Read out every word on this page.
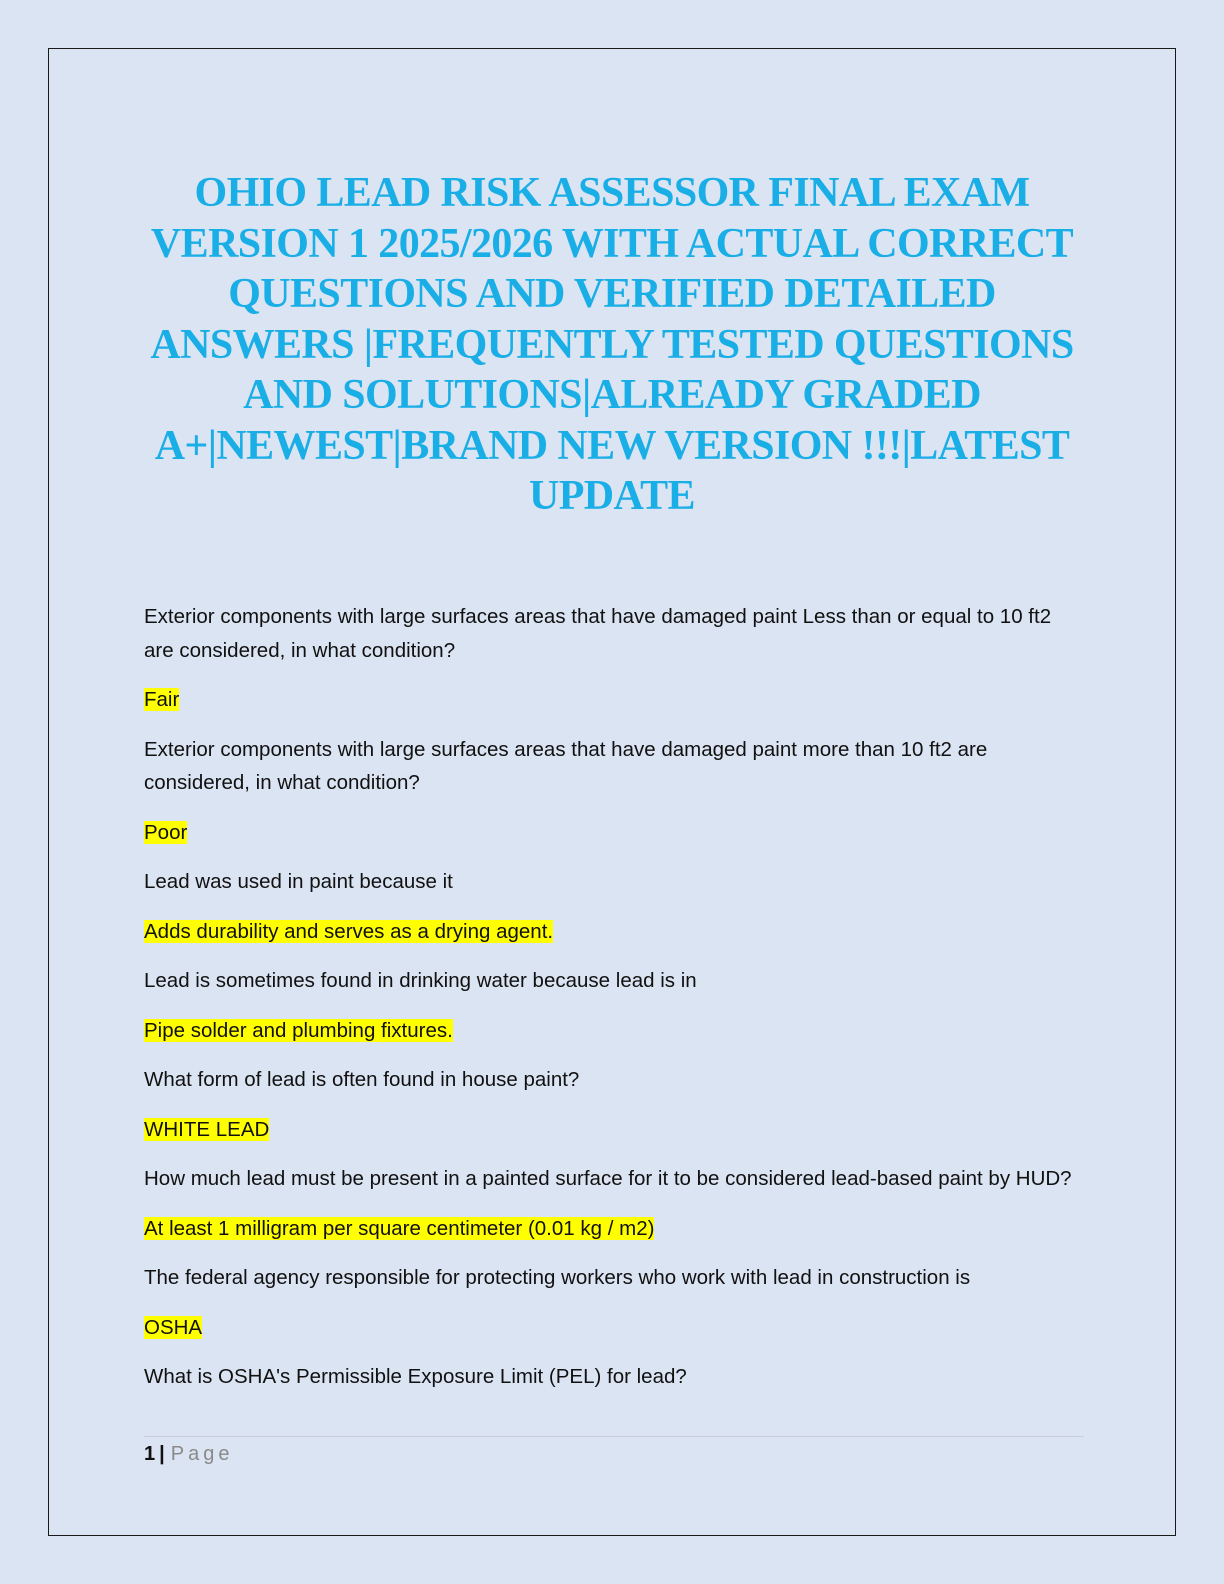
OHIO LEAD RISK ASSESSOR FINAL EXAM VERSION 1 2025/2026 WITH ACTUAL CORRECT QUESTIONS AND VERIFIED DETAILED ANSWERS |FREQUENTLY TESTED QUESTIONS AND SOLUTIONS|ALREADY GRADED A+|NEWEST|BRAND NEW VERSION !!!|LATEST UPDATE

Exterior components with large surfaces areas that have damaged paint Less than or equal to 10 ft2 are considered, in what condition?

Fair

Exterior components with large surfaces areas that have damaged paint more than 10 ft2 are considered, in what condition?

Poor

Lead was used in paint because it

Adds durability and serves as a drying agent.

Lead is sometimes found in drinking water because lead is in

Pipe solder and plumbing fixtures.

What form of lead is often found in house paint?

WHITE LEAD

How much lead must be present in a painted surface for it to be considered lead-based paint by HUD?

At least 1 milligram per square centimeter (0.01 kg / m2)

The federal agency responsible for protecting workers who work with lead in construction is

OSHA

What is OSHA's Permissible Exposure Limit (PEL) for lead?

1 | Page
